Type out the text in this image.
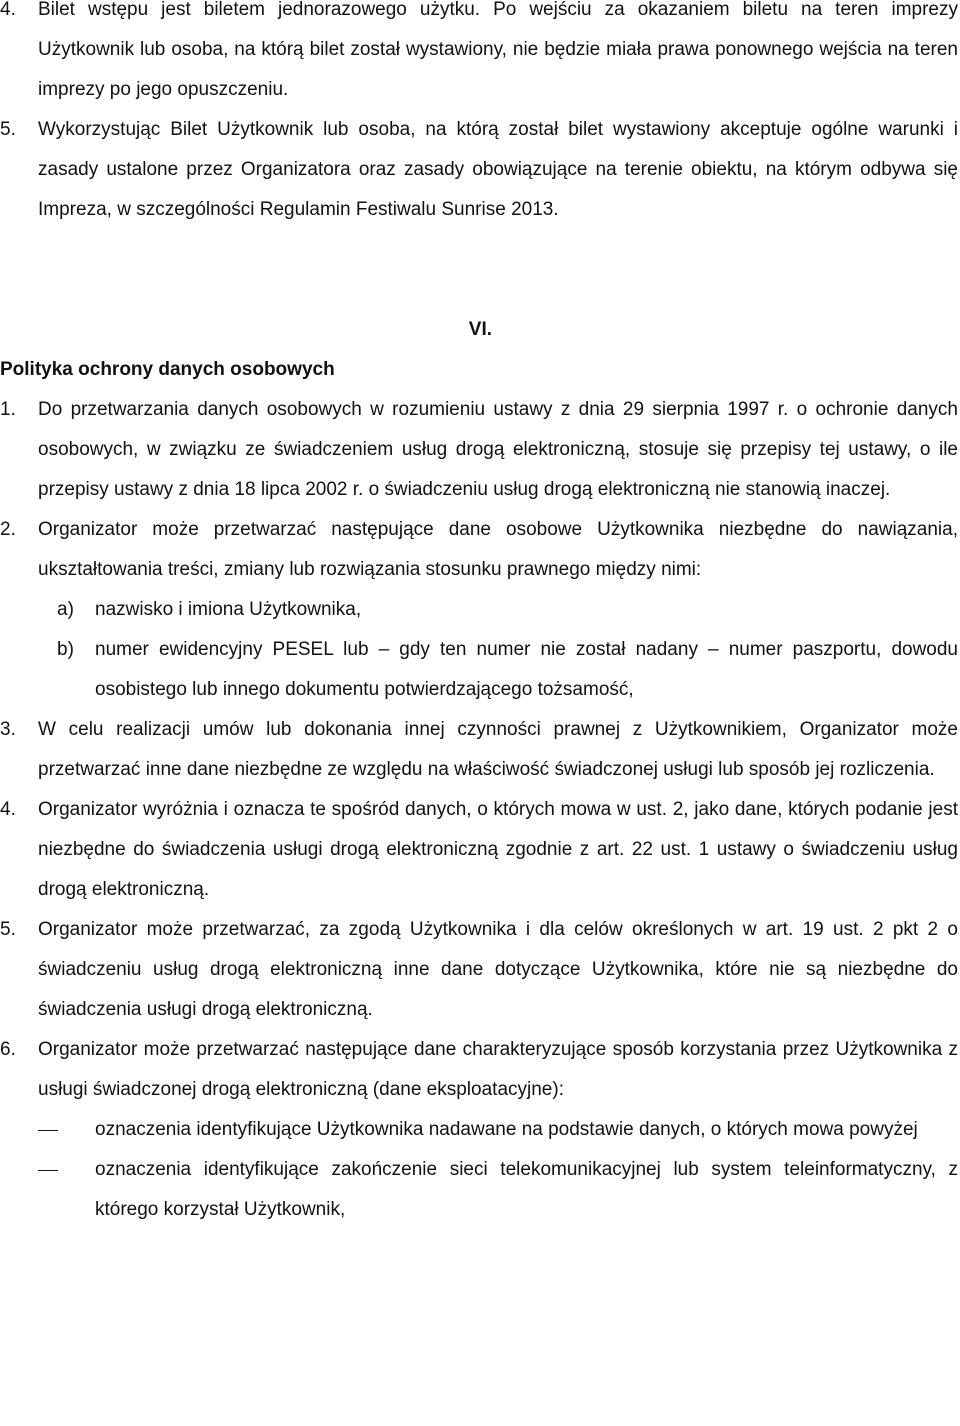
4. Bilet wstępu jest biletem jednorazowego użytku. Po wejściu za okazaniem biletu na teren imprezy Użytkownik lub osoba, na którą bilet został wystawiony, nie będzie miała prawa ponownego wejścia na teren imprezy po jego opuszczeniu.
5. Wykorzystując Bilet Użytkownik lub osoba, na którą został bilet wystawiony akceptuje ogólne warunki i zasady ustalone przez Organizatora oraz zasady obowiązujące na terenie obiektu, na którym odbywa się Impreza, w szczególności Regulamin Festiwalu Sunrise 2013.
VI.
Polityka ochrony danych osobowych
1. Do przetwarzania danych osobowych w rozumieniu ustawy z dnia 29 sierpnia 1997 r. o ochronie danych osobowych, w związku ze świadczeniem usług drogą elektroniczną, stosuje się przepisy tej ustawy, o ile przepisy ustawy z dnia 18 lipca 2002 r. o świadczeniu usług drogą elektroniczną nie stanowią inaczej.
2. Organizator może przetwarzać następujące dane osobowe Użytkownika niezbędne do nawiązania, ukształtowania treści, zmiany lub rozwiązania stosunku prawnego między nimi:
a) nazwisko i imiona Użytkownika,
b) numer ewidencyjny PESEL lub – gdy ten numer nie został nadany – numer paszportu, dowodu osobistego lub innego dokumentu potwierdzającego tożsamość,
3. W celu realizacji umów lub dokonania innej czynności prawnej z Użytkownikiem, Organizator może przetwarzać inne dane niezbędne ze względu na właściwość świadczonej usługi lub sposób jej rozliczenia.
4. Organizator wyróżnia i oznacza te spośród danych, o których mowa w ust. 2, jako dane, których podanie jest niezbędne do świadczenia usługi drogą elektroniczną zgodnie z art. 22 ust. 1 ustawy o świadczeniu usług drogą elektroniczną.
5. Organizator może przetwarzać, za zgodą Użytkownika i dla celów określonych w art. 19 ust. 2 pkt 2 o świadczeniu usług drogą elektroniczną inne dane dotyczące Użytkownika, które nie są niezbędne do świadczenia usługi drogą elektroniczną.
6. Organizator może przetwarzać następujące dane charakteryzujące sposób korzystania przez Użytkownika z usługi świadczonej drogą elektroniczną (dane eksploatacyjne):
oznaczenia identyfikujące Użytkownika nadawane na podstawie danych, o których mowa powyżej
oznaczenia identyfikujące zakończenie sieci telekomunikacyjnej lub system teleinformatyczny, z którego korzystał Użytkownik,
